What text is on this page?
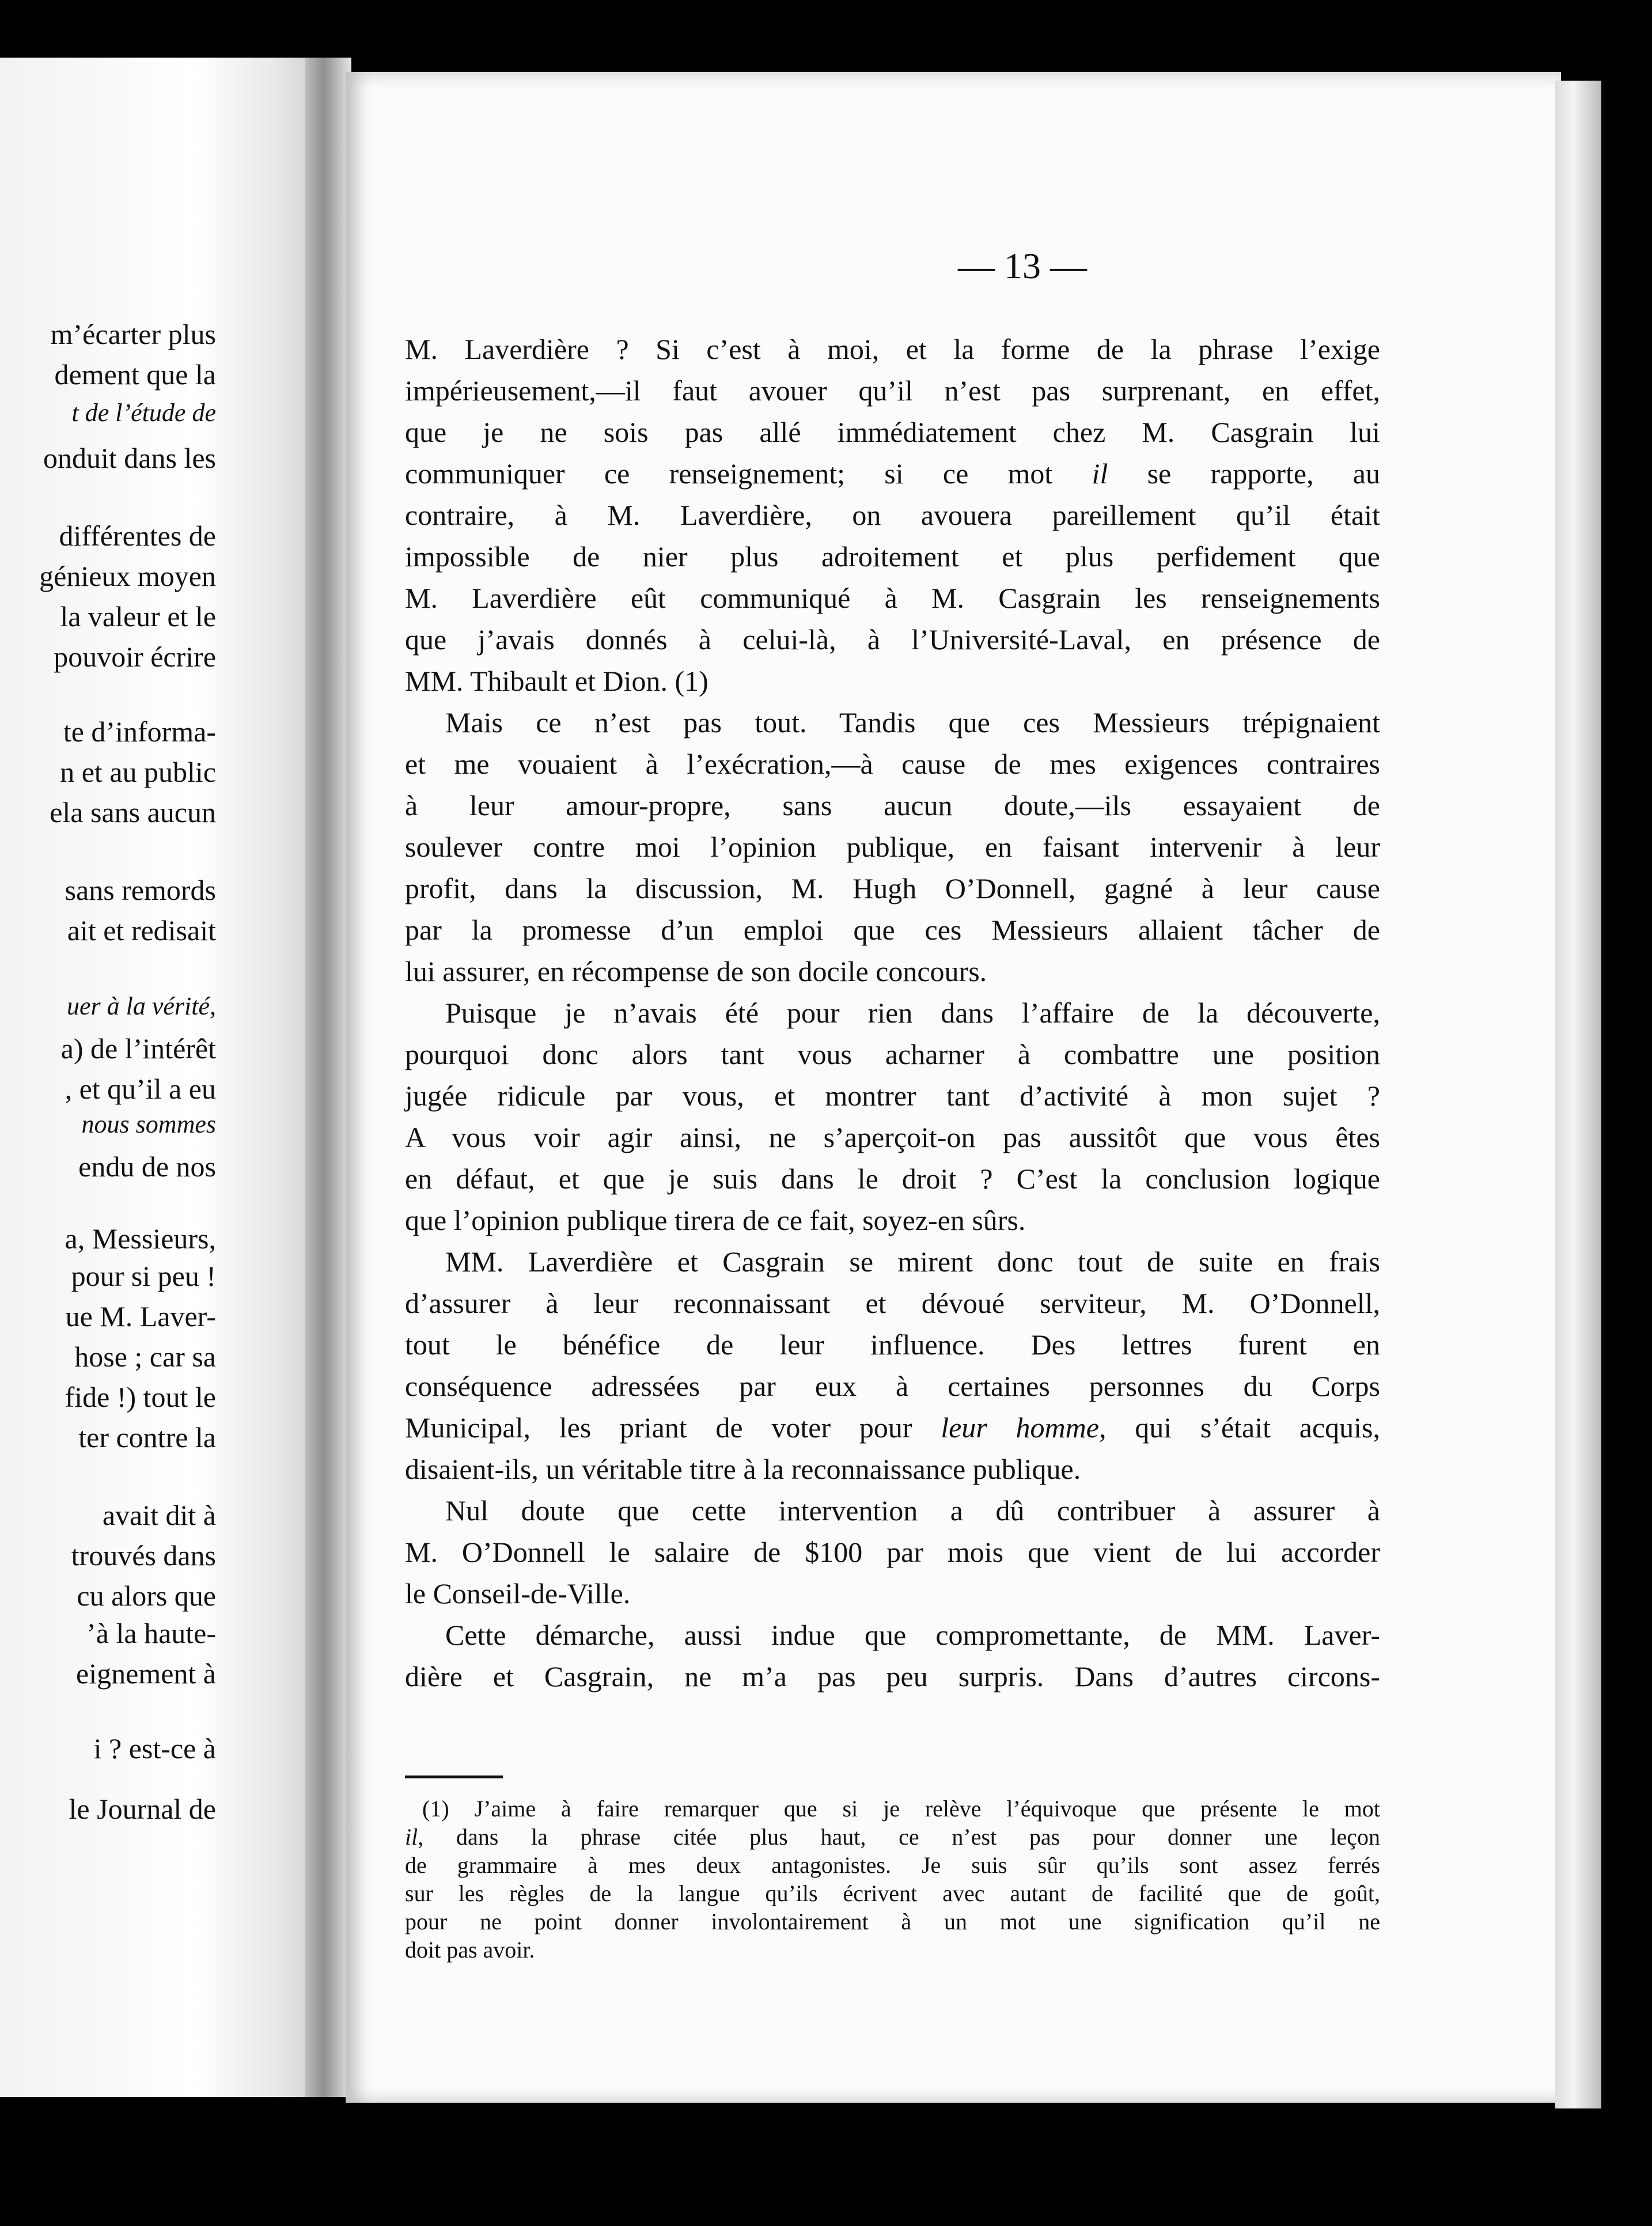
m’écarter plus
dement que la
t de l’étude de
onduit dans les
différentes de
génieux moyen
la valeur et le
pouvoir écrire
te d’informa-
n et au public
ela sans aucun
sans remords
ait et redisait
uer à la vérité,
a) de l’intérêt
, et qu’il a eu
nous sommes
endu de nos
a, Messieurs,
pour si peu !
ue M. Laver-
hose ; car sa
fide !) tout le
ter contre la
avait dit à
trouvés dans
cu alors que
’à la haute-
eignement à
i ? est-ce à
le Journal de
— 13 —
M. Laverdière ? Si c’est à moi, et la forme de la phrase l’exige
impérieusement,—il faut avouer qu’il n’est pas surprenant, en effet,
que je ne sois pas allé immédiatement chez M. Casgrain lui
communiquer ce renseignement; si ce mot il se rapporte, au
contraire, à M. Laverdière, on avouera pareillement qu’il était
impossible de nier plus adroitement et plus perfidement que
M. Laverdière eût communiqué à M. Casgrain les renseignements
que j’avais donnés à celui-là, à l’Université-Laval, en présence de
MM. Thibault et Dion. (1)
Mais ce n’est pas tout. Tandis que ces Messieurs trépignaient
et me vouaient à l’exécration,—à cause de mes exigences contraires
à leur amour-propre, sans aucun doute,—ils essayaient de
soulever contre moi l’opinion publique, en faisant intervenir à leur
profit, dans la discussion, M. Hugh O’Donnell, gagné à leur cause
par la promesse d’un emploi que ces Messieurs allaient tâcher de
lui assurer, en récompense de son docile concours.
Puisque je n’avais été pour rien dans l’affaire de la découverte,
pourquoi donc alors tant vous acharner à combattre une position
jugée ridicule par vous, et montrer tant d’activité à mon sujet ?
A vous voir agir ainsi, ne s’aperçoit-on pas aussitôt que vous êtes
en défaut, et que je suis dans le droit ? C’est la conclusion logique
que l’opinion publique tirera de ce fait, soyez-en sûrs.
MM. Laverdière et Casgrain se mirent donc tout de suite en frais
d’assurer à leur reconnaissant et dévoué serviteur, M. O’Donnell,
tout le bénéfice de leur influence. Des lettres furent en
conséquence adressées par eux à certaines personnes du Corps
Municipal, les priant de voter pour leur homme, qui s’était acquis,
disaient-ils, un véritable titre à la reconnaissance publique.
Nul doute que cette intervention a dû contribuer à assurer à
M. O’Donnell le salaire de $100 par mois que vient de lui accorder
le Conseil-de-Ville.
Cette démarche, aussi indue que compromettante, de MM. Laver-
dière et Casgrain, ne m’a pas peu surpris. Dans d’autres circons-
(1) J’aime à faire remarquer que si je relève l’équivoque que présente le mot
il, dans la phrase citée plus haut, ce n’est pas pour donner une leçon
de grammaire à mes deux antagonistes. Je suis sûr qu’ils sont assez ferrés
sur les règles de la langue qu’ils écrivent avec autant de facilité que de goût,
pour ne point donner involontairement à un mot une signification qu’il ne
doit pas avoir.
